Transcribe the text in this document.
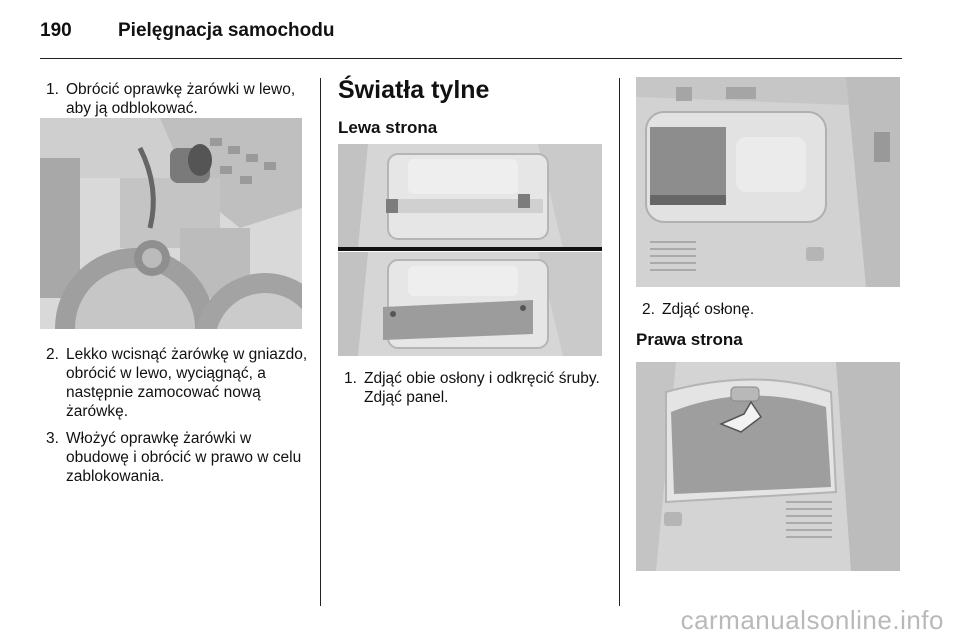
190 Pielęgnacja samochodu
1. Obrócić oprawkę żarówki w lewo, aby ją odblokować.
2. Lekko wcisnąć żarówkę w gniazdo, obrócić w lewo, wyciągnąć, a następnie zamocować nową żarówkę.
3. Włożyć oprawkę żarówki w obudowę i obrócić w prawo w celu zablokowania.
Światła tylne
Lewa strona
1. Zdjąć obie osłony i odkręcić śruby. Zdjąć panel.
2. Zdjąć osłonę.
Prawa strona
carmanualsonline.info
